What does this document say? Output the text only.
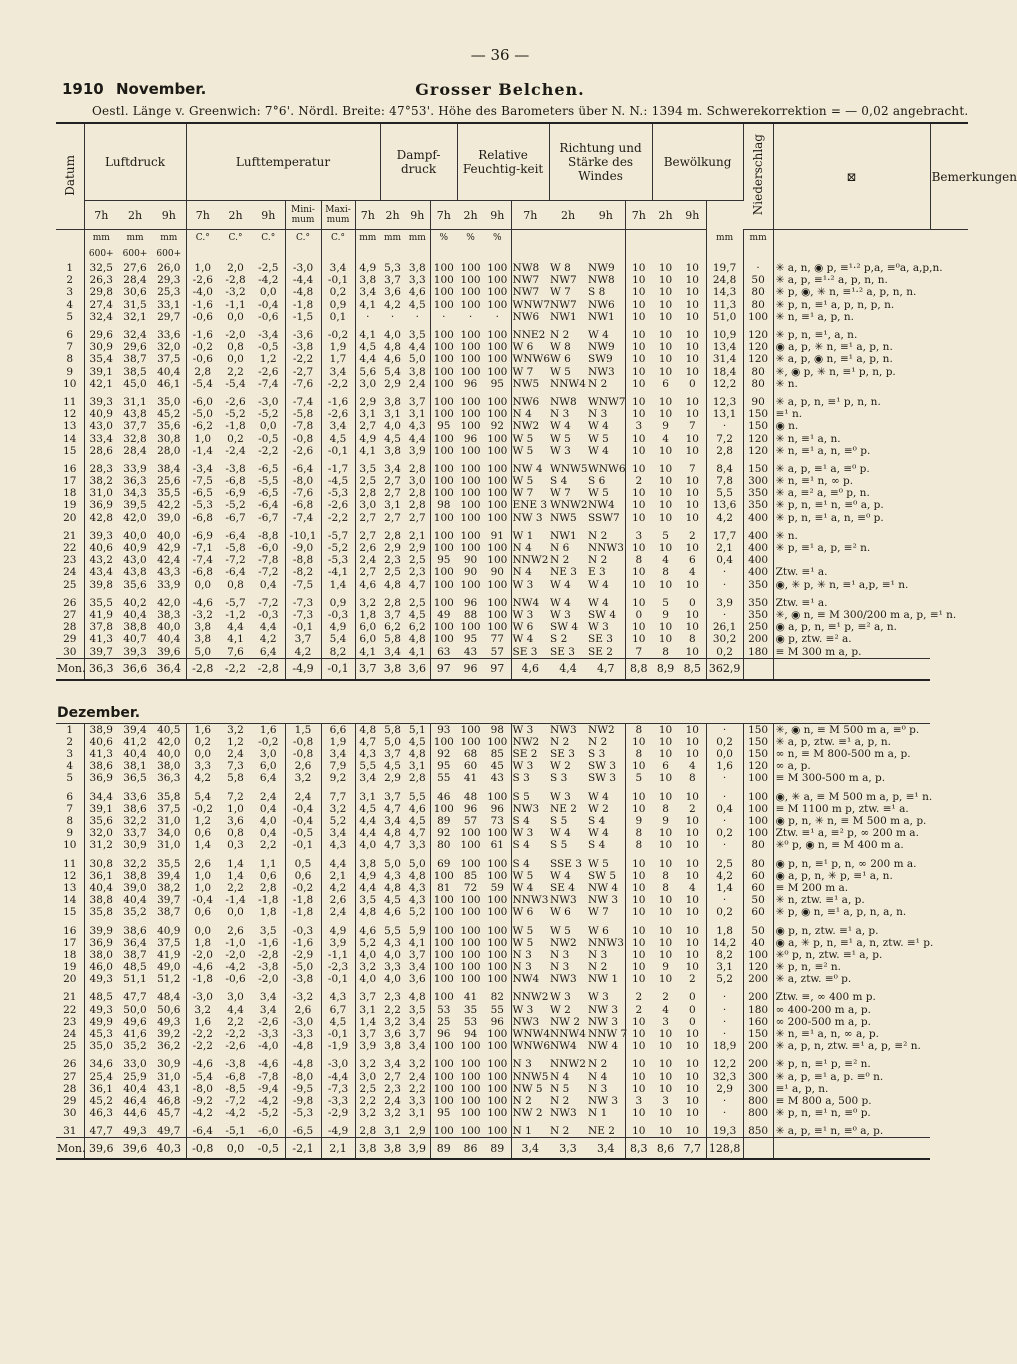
— 36 —
1910 November.	Grosser Belchen.
Oestl. Länge v. Greenwich: 7°6'. Nördl. Breite: 47°53'. Höhe des Barometers über N. N.: 1394 m. Schwerekorrektion = — 0,02 angebracht.
Datum	Luftdruck			Lufttemperatur						Dampf-druck			Relative Feuchtig-keit			Richtung und Stärke des Windes			Bewölkung			Niederschlag	⊠	Bemerkungen
	7h	2h	9h	7h	2h	9h	Mini-mum	Maxi-mum	7h	2h	9h	7h	2h	9h	7h	2h	9h	7h	2h	9h				
	mm	mm	mm	C.°	C.°	C.°	C.°	C.°	mm	mm	mm	%	%	%							mm	mm		
	600+	600+	600+																					
1	32,5	27,6	26,0	1,0	2,0	-2,5	-3,0	3,4	4,9	5,3	3,8	100	100	100	NW8	W 8	NW9	10	10	10	19,7	·	✳ a, n, ◉ p, ≡¹·² p,a, ≡⁰a, a,p,n.	
2	26,3	28,4	29,3	-2,6	-2,8	-4,2	-4,4	-0,1	3,8	3,7	3,3	100	100	100	NW7	NW7	NW8	10	10	10	24,8	50	✳ a, p, ≡¹·² a, p, n, n.	
3	29,8	30,6	25,3	-4,0	-3,2	0,0	-4,8	0,2	3,4	3,6	4,6	100	100	100	NW7	W 7	S 8	10	10	10	14,3	80	✳ p, ◉, ✳ n, ≡¹·² a, p, n, n.	
4	27,4	31,5	33,1	-1,6	-1,1	-0,4	-1,8	0,9	4,1	4,2	4,5	100	100	100	WNW7	NW7	NW6	10	10	10	11,3	80	✳ p, n, ≡¹ a, p, n, p, n.	
5	32,4	32,1	29,7	-0,6	0,0	-0,6	-1,5	0,1	·	·	·	·	·	·	NW6	NW1	NW1	10	10	10	51,0	100	✳ n, ≡¹ a, p, n.	

6	29,6	32,4	33,6	-1,6	-2,0	-3,4	-3,6	-0,2	4,1	4,0	3,5	100	100	100	NNE2	N 2	W 4	10	10	10	10,9	120	✳ p, n, ≡¹, a, n.	
7	30,9	29,6	32,0	-0,2	0,8	-0,5	-3,8	1,9	4,5	4,8	4,4	100	100	100	W 6	W 8	NW9	10	10	10	13,4	120	◉ a, p, ✳ n, ≡¹ a, p, n.	
8	35,4	38,7	37,5	-0,6	0,0	1,2	-2,2	1,7	4,4	4,6	5,0	100	100	100	WNW6	W 6	SW9	10	10	10	31,4	120	✳ a, p, ◉ n, ≡¹ a, p, n.	
9	39,1	38,5	40,4	2,8	2,2	-2,6	-2,7	3,4	5,6	5,4	3,8	100	100	100	W 7	W 5	NW3	10	10	10	18,4	80	✳, ◉ p, ✳ n, ≡¹ p, n, p.	
10	42,1	45,0	46,1	-5,4	-5,4	-7,4	-7,6	-2,2	3,0	2,9	2,4	100	96	95	NW5	NNW4	N 2	10	6	0	12,2	80	✳ n.	

11	39,3	31,1	35,0	-6,0	-2,6	-3,0	-7,4	-1,6	2,9	3,8	3,7	100	100	100	NW6	NW8	WNW7	10	10	10	12,3	90	✳ a, p, n, ≡¹ p, n, n.	
12	40,9	43,8	45,2	-5,0	-5,2	-5,2	-5,8	-2,6	3,1	3,1	3,1	100	100	100	N 4	N 3	N 3	10	10	10	13,1	150	≡¹ n.	
13	43,0	37,7	35,6	-6,2	-1,8	0,0	-7,8	3,4	2,7	4,0	4,3	95	100	92	NW2	W 4	W 4	3	9	7	·	150	◉ n.	
14	33,4	32,8	30,8	1,0	0,2	-0,5	-0,8	4,5	4,9	4,5	4,4	100	96	100	W 5	W 5	W 5	10	4	10	7,2	120	✳ n, ≡¹ a, n.	
15	28,6	28,4	28,0	-1,4	-2,4	-2,2	-2,6	-0,1	4,1	3,8	3,9	100	100	100	W 5	W 3	W 4	10	10	10	2,8	120	✳ n, ≡¹ a, n, ≡⁰ p.	

16	28,3	33,9	38,4	-3,4	-3,8	-6,5	-6,4	-1,7	3,5	3,4	2,8	100	100	100	NW 4	WNW5	WNW6	10	10	7	8,4	150	✳ a, p, ≡¹ a, ≡⁰ p.	
17	38,2	36,3	25,6	-7,5	-6,8	-5,5	-8,0	-4,5	2,5	2,7	3,0	100	100	100	W 5	S 4	S 6	2	10	10	7,8	300	✳ n, ≡¹ n, ∞ p.	
18	31,0	34,3	35,5	-6,5	-6,9	-6,5	-7,6	-5,3	2,8	2,7	2,8	100	100	100	W 7	W 7	W 5	10	10	10	5,5	350	✳ a, ≡² a, ≡⁰ p, n.	
19	36,9	39,5	42,2	-5,3	-5,2	-6,4	-6,8	-2,6	3,0	3,1	2,8	98	100	100	ENE 3	WNW2	NW4	10	10	10	13,6	350	✳ p, n, ≡¹ n, ≡⁰ a, p.	
20	42,8	42,0	39,0	-6,8	-6,7	-6,7	-7,4	-2,2	2,7	2,7	2,7	100	100	100	NW 3	NW5	SSW7	10	10	10	4,2	400	✳ p, n, ≡¹ a, n, ≡⁰ p.	

21	39,3	40,0	40,0	-6,9	-6,4	-8,8	-10,1	-5,7	2,7	2,8	2,1	100	100	91	W 1	NW1	N 2	3	5	2	17,7	400	✳ n.	
22	40,6	40,9	42,9	-7,1	-5,8	-6,0	-9,0	-5,2	2,6	2,9	2,9	100	100	100	N 4	N 6	NNW3	10	10	10	2,1	400	✳ p, ≡¹ a, p, ≡² n.	
23	43,2	43,0	42,4	-7,4	-7,2	-7,8	-8,8	-5,3	2,4	2,3	2,5	95	90	100	NNW2	N 2	N 2	8	4	6	0,4	400		
24	43,4	43,8	43,3	-6,8	-6,4	-7,2	-8,2	-4,1	2,7	2,5	2,3	100	90	90	N 4	NE 3	E 3	10	8	4	·	400	Ztw. ≡¹ a.	
25	39,8	35,6	33,9	0,0	0,8	0,4	-7,5	1,4	4,6	4,8	4,7	100	100	100	W 3	W 4	W 4	10	10	10	·	350	◉, ✳ p, ✳ n, ≡¹ a,p, ≡¹ n.	

26	35,5	40,2	42,0	-4,6	-5,7	-7,2	-7,3	0,9	3,2	2,8	2,5	100	96	100	NW4	W 4	W 4	10	5	0	3,9	350	Ztw. ≡¹ a.	
27	41,9	40,4	38,3	-3,2	-1,2	-0,3	-7,3	-0,3	1,8	3,7	4,5	49	88	100	W 3	W 3	SW 4	0	9	10	·	350	✳, ◉ n, ≡ M 300/200 m a, p, ≡¹ n.	
28	37,8	38,8	40,0	3,8	4,4	4,4	-0,1	4,9	6,0	6,2	6,2	100	100	100	W 6	SW 4	W 3	10	10	10	26,1	250	◉ a, p, n, ≡¹ p, ≡² a, n.	
29	41,3	40,7	40,4	3,8	4,1	4,2	3,7	5,4	6,0	5,8	4,8	100	95	77	W 4	S 2	SE 3	10	10	8	30,2	200	◉ p, ztw. ≡² a.	
30	39,7	39,3	39,6	5,0	7,6	6,4	4,2	8,2	4,1	3,4	4,1	63	43	57	SE 3	SE 3	SE 2	7	8	10	0,2	180	≡ M 300 m a, p.	
Mon.	36,3	36,6	36,4	-2,8	-2,2	-2,8	-4,9	-0,1	3,7	3,8	3,6	97	96	97	4,6	4,4	4,7	8,8	8,9	8,5	362,9			
Dezember.																								
1	38,9	39,4	40,5	1,6	3,2	1,6	1,5	6,6	4,8	5,8	5,1	93	100	98	W 3	NW3	NW2	8	10	10	·	150	✳, ◉ n, ≡ M 500 m a, ≡⁰ p.	
2	40,6	41,2	42,0	0,2	1,2	-0,2	-0,8	1,9	4,7	5,0	4,5	100	100	100	NW2	N 2	N 2	10	10	10	0,2	150	✳ a, p, ztw. ≡¹ a, p, n.	
3	41,3	40,4	40,0	0,0	2,4	3,0	-0,8	3,4	4,3	3,7	4,8	92	68	85	SE 2	SE 3	S 3	8	10	10	0,0	150	∞ n, ≡ M 800-500 m a, p.	
4	38,6	38,1	38,0	3,3	7,3	6,0	2,6	7,9	5,5	4,5	3,1	95	60	45	W 3	W 2	SW 3	10	6	4	1,6	120	∞ a, p.	
5	36,9	36,5	36,3	4,2	5,8	6,4	3,2	9,2	3,4	2,9	2,8	55	41	43	S 3	S 3	SW 3	5	10	8	·	100	≡ M 300-500 m a, p.	

6	34,4	33,6	35,8	5,4	7,2	2,4	2,4	7,7	3,1	3,7	5,5	46	48	100	S 5	W 3	W 4	10	10	10	·	100	◉, ✳ a, ≡ M 500 m a, p, ≡¹ n.	
7	39,1	38,6	37,5	-0,2	1,0	0,4	-0,4	3,2	4,5	4,7	4,6	100	96	96	NW3	NE 2	W 2	10	8	2	0,4	100	≡ M 1100 m p, ztw. ≡¹ a.	
8	35,6	32,2	31,0	1,2	3,6	4,0	-0,4	5,2	4,4	3,4	4,5	89	57	73	S 4	S 5	S 4	9	9	10	·	100	◉ p, n, ✳ n, ≡ M 500 m a, p.	
9	32,0	33,7	34,0	0,6	0,8	0,4	-0,5	3,4	4,4	4,8	4,7	92	100	100	W 3	W 4	W 4	8	10	10	0,2	100	Ztw. ≡¹ a, ≡² p, ∞ 200 m a.	
10	31,2	30,9	31,0	1,4	0,3	2,2	-0,1	4,3	4,0	4,7	3,3	80	100	61	S 4	S 5	S 4	8	10	10	·	80	✳⁰ p, ◉ n, ≡ M 400 m a.	

11	30,8	32,2	35,5	2,6	1,4	1,1	0,5	4,4	3,8	5,0	5,0	69	100	100	S 4	SSE 3	W 5	10	10	10	2,5	80	◉ p, n, ≡¹ p, n, ∞ 200 m a.	
12	36,1	38,8	39,4	1,0	1,4	0,6	0,6	2,1	4,9	4,3	4,8	100	85	100	W 5	W 4	SW 5	10	8	10	4,2	60	◉ a, p, n, ✳ p, ≡¹ a, n.	
13	40,4	39,0	38,2	1,0	2,2	2,8	-0,2	4,2	4,4	4,8	4,3	81	72	59	W 4	SE 4	NW 4	10	8	4	1,4	60	≡ M 200 m a.	
14	38,8	40,4	39,7	-0,4	-1,4	-1,8	-1,8	2,6	3,5	4,5	4,3	100	100	100	NNW3	NW3	NW 3	10	10	10	·	50	✳ n, ztw. ≡¹ a, p.	
15	35,8	35,2	38,7	0,6	0,0	1,8	-1,8	2,4	4,8	4,6	5,2	100	100	100	W 6	W 6	W 7	10	10	10	0,2	60	✳ p, ◉ n, ≡¹ a, p, n, a, n.	

16	39,9	38,6	40,9	0,0	2,6	3,5	-0,3	4,9	4,6	5,5	5,9	100	100	100	W 5	W 5	W 6	10	10	10	1,8	50	◉ p, n, ztw. ≡¹ a, p.	
17	36,9	36,4	37,5	1,8	-1,0	-1,6	-1,6	3,9	5,2	4,3	4,1	100	100	100	W 5	NW2	NNW3	10	10	10	14,2	40	◉ a, ✳ p, n, ≡¹ a, n, ztw. ≡¹ p.	
18	38,0	38,7	41,9	-2,0	-2,0	-2,8	-2,9	-1,1	4,0	4,0	3,7	100	100	100	N 3	N 3	N 3	10	10	10	8,2	100	✳⁰ p, n, ztw. ≡¹ a, p.	
19	46,0	48,5	49,0	-4,6	-4,2	-3,8	-5,0	-2,3	3,2	3,3	3,4	100	100	100	N 3	N 3	N 2	10	9	10	3,1	120	✳ p, n, ≡² n.	
20	49,3	51,1	51,2	-1,8	-0,6	-2,0	-3,8	-0,1	4,0	4,0	3,6	100	100	100	NW4	NW3	NW 1	10	10	2	5,2	200	✳ a, ztw. ≡⁰ p.	

21	48,5	47,7	48,4	-3,0	3,0	3,4	-3,2	4,3	3,7	2,3	4,8	100	41	82	NNW2	W 3	W 3	2	2	0	·	200	Ztw. ≡, ∞ 400 m p.	
22	49,3	50,0	50,6	3,2	4,4	3,4	2,6	6,7	3,1	2,2	3,5	53	35	55	W 3	W 2	NW 3	2	4	0	·	180	∞ 400-200 m a, p.	
23	49,9	49,6	49,3	1,6	2,2	-2,6	-3,0	4,5	1,4	3,2	3,4	25	53	96	NW3	NW 2	NW 3	10	3	0	·	160	∞ 200-500 m a, p.	
24	45,3	41,6	39,2	-2,2	-2,2	-3,3	-3,3	-0,1	3,7	3,6	3,7	96	94	100	WNW4	NNW4	NNW 7	10	10	10	·	150	✳ n, ≡¹ a, n, ∞ a, p.	
25	35,0	35,2	36,2	-2,2	-2,6	-4,0	-4,8	-1,9	3,9	3,8	3,4	100	100	100	WNW6	NW4	NW 4	10	10	10	18,9	200	✳ a, p, n, ztw. ≡¹ a, p, ≡² n.	

26	34,6	33,0	30,9	-4,6	-3,8	-4,6	-4,8	-3,0	3,2	3,4	3,2	100	100	100	N 3	NNW2	N 2	10	10	10	12,2	200	✳ p, n, ≡¹ p, ≡² n.	
27	25,4	25,9	31,0	-5,4	-6,8	-7,8	-8,0	-4,4	3,0	2,7	2,4	100	100	100	NNW5	N 4	N 4	10	10	10	32,3	300	✳ a, p, ≡¹ a, p. ≡⁰ n.	
28	36,1	40,4	43,1	-8,0	-8,5	-9,4	-9,5	-7,3	2,5	2,3	2,2	100	100	100	NW 5	N 5	N 3	10	10	10	2,9	300	≡¹ a, p, n.	
29	45,2	46,4	46,8	-9,2	-7,2	-4,2	-9,8	-3,3	2,2	2,4	3,3	100	100	100	N 2	N 2	NW 3	3	3	10	·	800	≡ M 800 a, 500 p.	
30	46,3	44,6	45,7	-4,2	-4,2	-5,2	-5,3	-2,9	3,2	3,2	3,1	95	100	100	NW 2	NW3	N 1	10	10	10	·	800	✳ p, n, ≡¹ n, ≡⁰ p.	

31	47,7	49,3	49,7	-6,4	-5,1	-6,0	-6,5	-4,9	2,8	3,1	2,9	100	100	100	N 1	N 2	NE 2	10	10	10	19,3	850	✳ a, p, ≡¹ n, ≡⁰ a, p.	
Mon.	39,6	39,6	40,3	-0,8	0,0	-0,5	-2,1	2,1	3,8	3,8	3,9	89	86	89	3,4	3,3	3,4	8,3	8,6	7,7	128,8			
